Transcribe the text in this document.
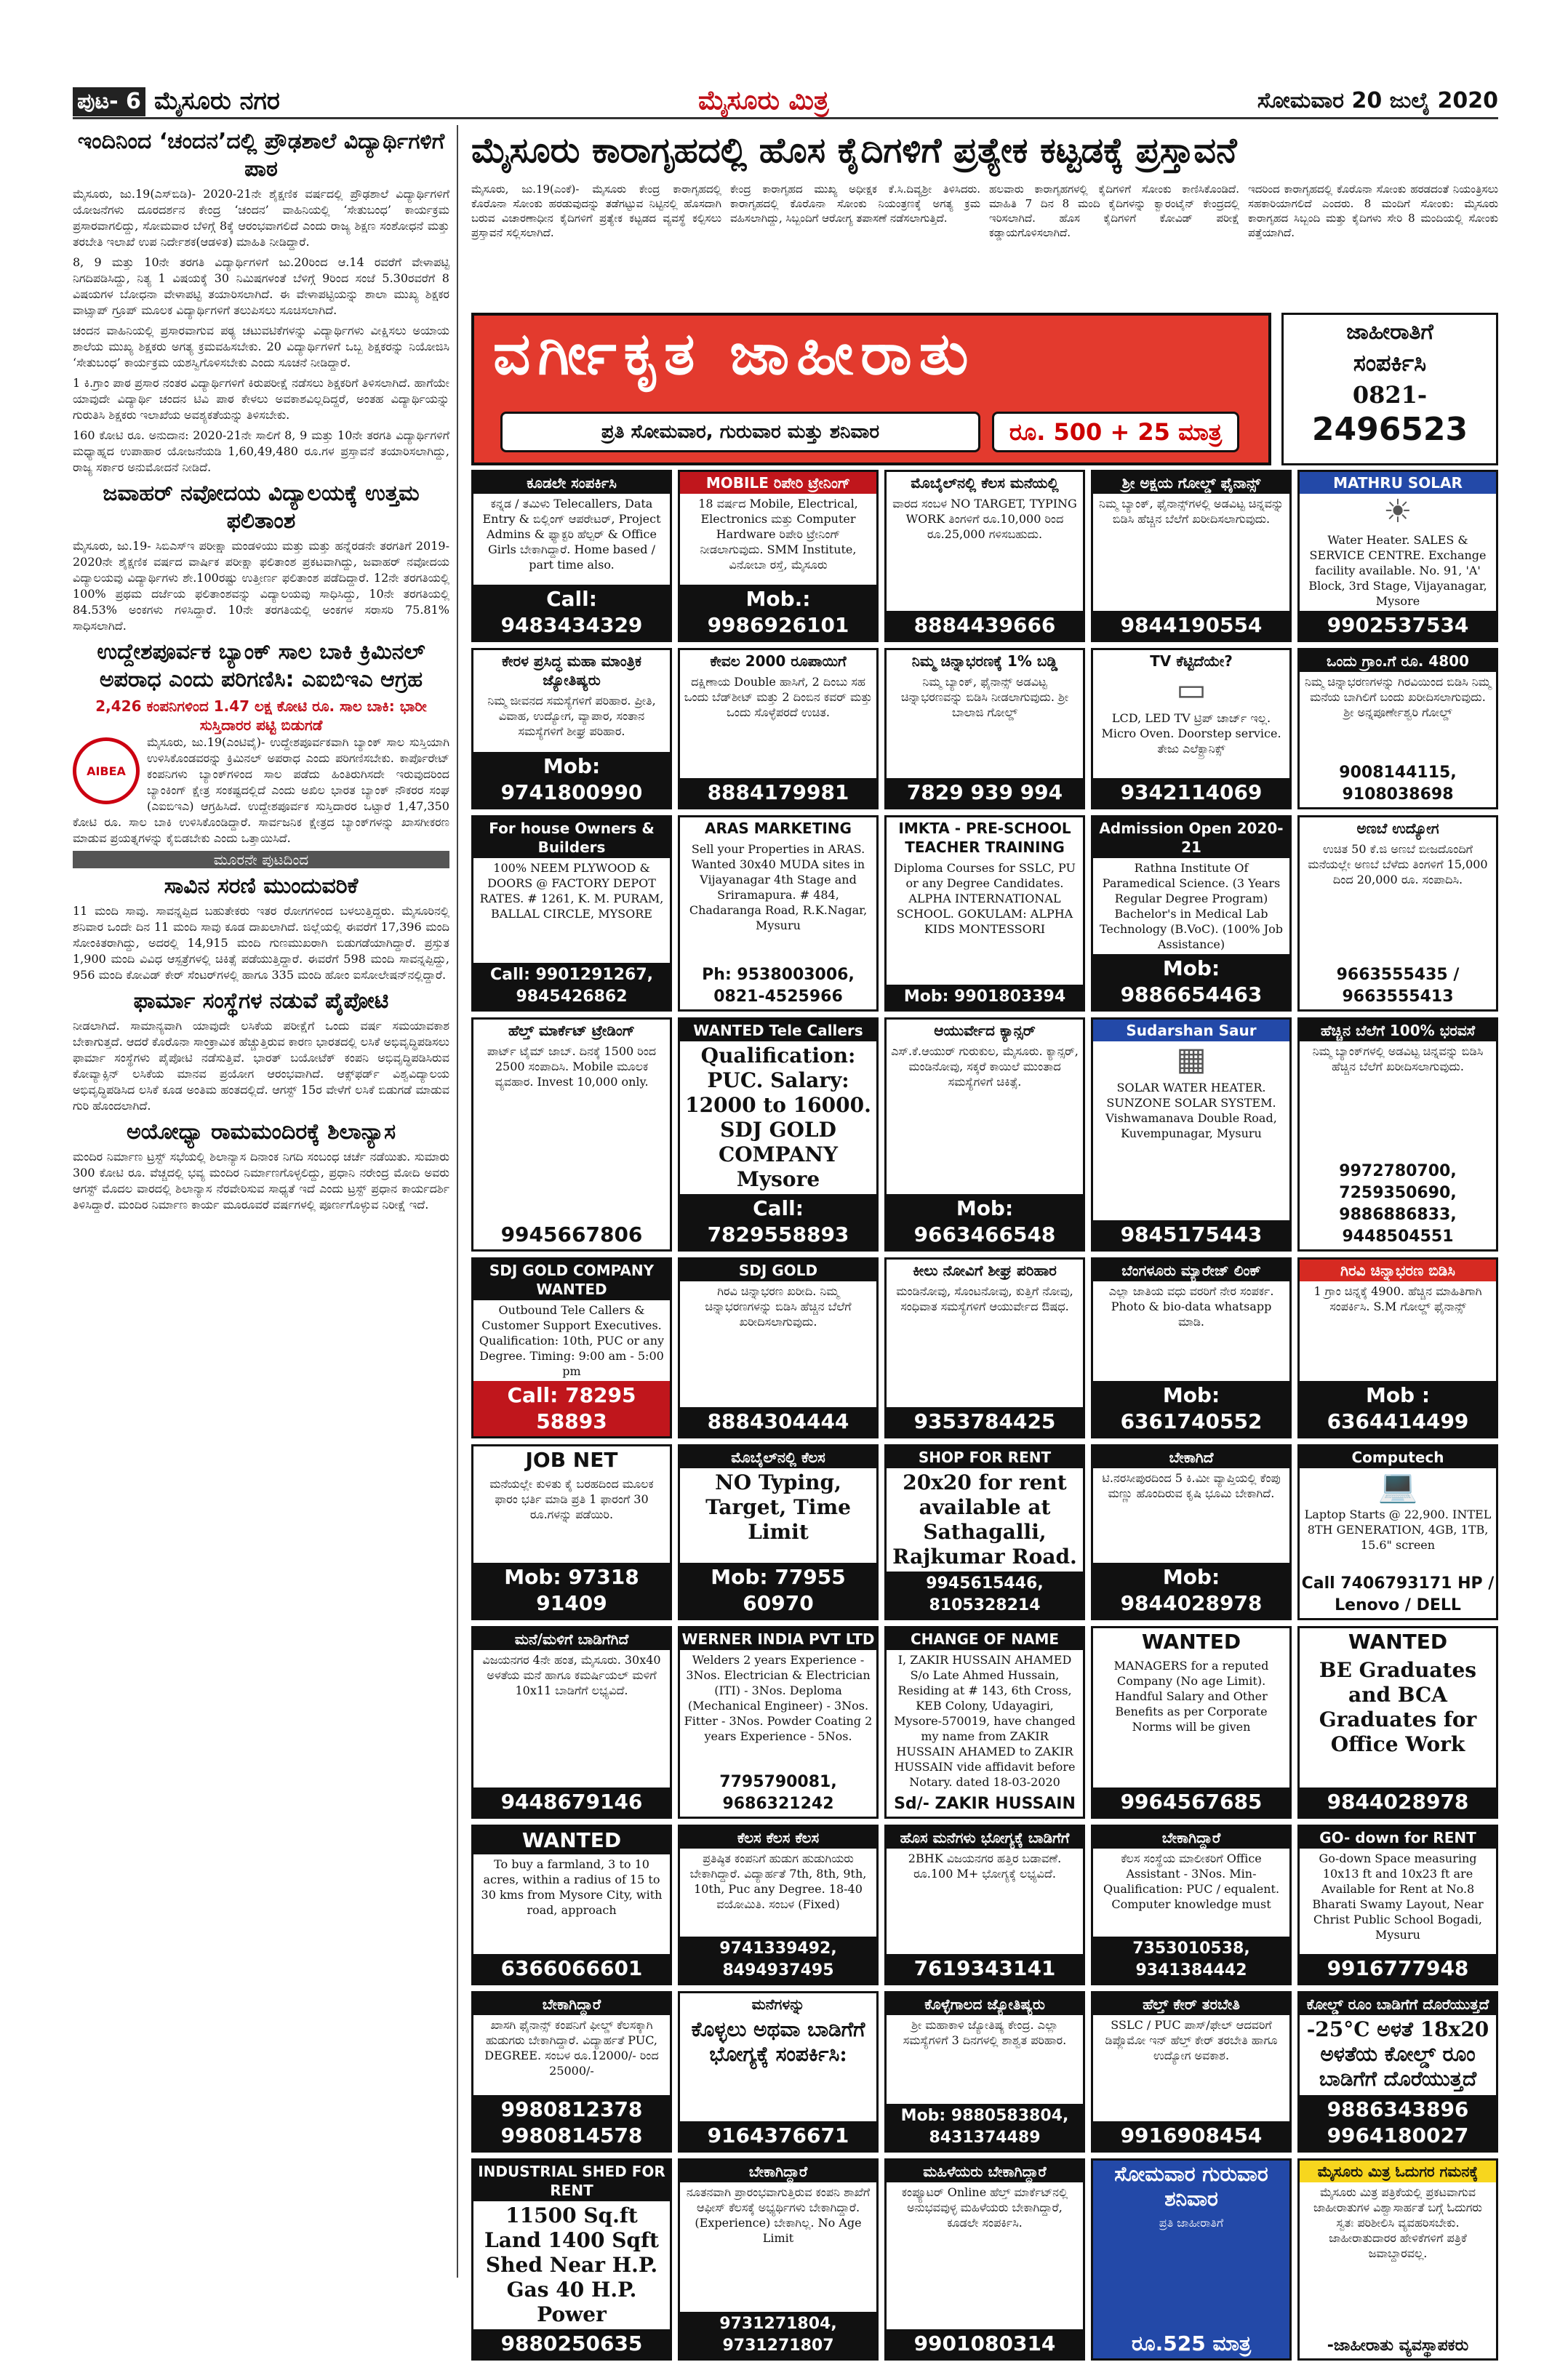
ಪುಟ- 6 ಮೈಸೂರು ನಗರ	ಮೈಸೂರು ಮಿತ್ರ	ಸೋಮವಾರ 20 ಜುಲೈ 2020
ಇಂದಿನಿಂದ ‘ಚಂದನ’ದಲ್ಲಿ ಪ್ರೌಢಶಾಲೆ ವಿದ್ಯಾರ್ಥಿಗಳಿಗೆ ಪಾಠ
ಮೈಸೂರು, ಜು.19(ಎಸ್‌ಬಿಡಿ)- 2020-21ನೇ ಶೈಕ್ಷಣಿಕ ವರ್ಷದಲ್ಲಿ ಪ್ರೌಢಶಾಲೆ ವಿದ್ಯಾರ್ಥಿಗಳಿಗೆ ಯೋಜನೆಗಳು ದೂರದರ್ಶನ ಕೇಂದ್ರ ‘ಚಂದನ’ ವಾಹಿನಿಯಲ್ಲಿ ‘ಸೇತುಬಂಧ’ ಕಾರ್ಯಕ್ರಮ ಪ್ರಸಾರವಾಗಲಿದ್ದು, ಸೋಮವಾರ ಬೆಳಿಗ್ಗೆ 8ಕ್ಕೆ ಆರಂಭವಾಗಲಿದೆ ಎಂದು ರಾಜ್ಯ ಶಿಕ್ಷಣ ಸಂಶೋಧನೆ ಮತ್ತು ತರಬೇತಿ ಇಲಾಖೆ ಉಪ ನಿರ್ದೇಶಕ(ಆಡಳಿತ) ಮಾಹಿತಿ ನೀಡಿದ್ದಾರೆ.
8, 9 ಮತ್ತು 10ನೇ ತರಗತಿ ವಿದ್ಯಾರ್ಥಿಗಳಿಗೆ ಜು.20ರಿಂದ ಆ.14 ರವರೆಗೆ ವೇಳಾಪಟ್ಟಿ ನಿಗದಿಪಡಿಸಿದ್ದು, ನಿತ್ಯ 1 ವಿಷಯಕ್ಕೆ 30 ನಿಮಿಷಗಳಂತೆ ಬೆಳಿಗ್ಗೆ 9ರಿಂದ ಸಂಜೆ 5.30ರವರೆಗೆ 8 ವಿಷಯಗಳ ಬೋಧನಾ ವೇಳಾಪಟ್ಟಿ ತಯಾರಿಸಲಾಗಿದೆ. ಈ ವೇಳಾಪಟ್ಟಿಯನ್ನು ಶಾಲಾ ಮುಖ್ಯ ಶಿಕ್ಷಕರ ವಾಟ್ಸಾಪ್ ಗ್ರೂಪ್ ಮೂಲಕ ವಿದ್ಯಾರ್ಥಿಗಳಿಗೆ ತಲುಪಿಸಲು ಸೂಚಿಸಲಾಗಿದೆ.
ಚಂದನ ವಾಹಿನಿಯಲ್ಲಿ ಪ್ರಸಾರವಾಗುವ ಪಠ್ಯ ಚಟುವಟಿಕೆಗಳನ್ನು ವಿದ್ಯಾರ್ಥಿಗಳು ವೀಕ್ಷಿಸಲು ಅಯಾಯ ಶಾಲೆಯ ಮುಖ್ಯ ಶಿಕ್ಷಕರು ಅಗತ್ಯ ಕ್ರಮವಹಿಸಬೇಕು. 20 ವಿದ್ಯಾರ್ಥಿಗಳಿಗೆ ಒಬ್ಬ ಶಿಕ್ಷಕರನ್ನು ನಿಯೋಜಿಸಿ ‘ಸೇತುಬಂಧ’ ಕಾರ್ಯಕ್ರಮ ಯಶಸ್ವಿಗೊಳಿಸಬೇಕು ಎಂದು ಸೂಚನೆ ನೀಡಿದ್ದಾರೆ.
1 ಕಿ.ಗ್ರಾಂ ಪಾಠ ಪ್ರಸಾರ ನಂತರ ವಿದ್ಯಾರ್ಥಿಗಳಿಗೆ ಕಿರುಪರೀಕ್ಷೆ ನಡೆಸಲು ಶಿಕ್ಷಕರಿಗೆ ತಿಳಿಸಲಾಗಿದೆ. ಹಾಗೆಯೇ ಯಾವುದೇ ವಿದ್ಯಾರ್ಥಿ ಚಂದನ ಟಿವಿ ಪಾಠ ಕೇಳಲು ಅವಕಾಶವಿಲ್ಲದಿದ್ದರೆ, ಅಂತಹ ವಿದ್ಯಾರ್ಥಿಯನ್ನು ಗುರುತಿಸಿ ಶಿಕ್ಷಕರು ಇಲಾಖೆಯ ಅವಶ್ಯಕತೆಯನ್ನು ತಿಳಿಸಬೇಕು.
160 ಕೋಟಿ ರೂ. ಅನುದಾನ: 2020-21ನೇ ಸಾಲಿಗೆ 8, 9 ಮತ್ತು 10ನೇ ತರಗತಿ ವಿದ್ಯಾರ್ಥಿಗಳಿಗೆ ಮಧ್ಯಾಹ್ನದ ಉಪಾಹಾರ ಯೋಜನೆಯಡಿ 1,60,49,480 ರೂ.ಗಳ ಪ್ರಸ್ತಾವನೆ ತಯಾರಿಸಲಾಗಿದ್ದು, ರಾಜ್ಯ ಸರ್ಕಾರ ಅನುಮೋದನೆ ನೀಡಿದೆ.
ಜವಾಹರ್ ನವೋದಯ ವಿದ್ಯಾಲಯಕ್ಕೆ ಉತ್ತಮ ಫಲಿತಾಂಶ
ಮೈಸೂರು, ಜು.19- ಸಿಬಿಎಸ್‌ಇ ಪರೀಕ್ಷಾ ಮಂಡಳಿಯು ಮತ್ತು ಮತ್ತು ಹನ್ನೆರಡನೇ ತರಗತಿಗೆ 2019-2020ನೇ ಶೈಕ್ಷಣಿಕ ವರ್ಷದ ವಾರ್ಷಿಕ ಪರೀಕ್ಷಾ ಫಲಿತಾಂಶ ಪ್ರಕಟವಾಗಿದ್ದು, ಜವಾಹರ್ ನವೋದಯ ವಿದ್ಯಾಲಯವು ವಿದ್ಯಾರ್ಥಿಗಳು ಶೇ.100ರಷ್ಟು ಉತ್ತೀರ್ಣ ಫಲಿತಾಂಶ ಪಡೆದಿದ್ದಾರೆ. 12ನೇ ತರಗತಿಯಲ್ಲಿ 100% ಪ್ರಥಮ ದರ್ಜೆಯ ಫಲಿತಾಂಶವನ್ನು ವಿದ್ಯಾಲಯವು ಸಾಧಿಸಿದ್ದು, 10ನೇ ತರಗತಿಯಲ್ಲಿ 84.53% ಅಂಕಗಳು ಗಳಿಸಿದ್ದಾರೆ. 10ನೇ ತರಗತಿಯಲ್ಲಿ ಅಂಕಗಳ ಸರಾಸರಿ 75.81% ಸಾಧಿಸಲಾಗಿದೆ.
ಉದ್ದೇಶಪೂರ್ವಕ ಬ್ಯಾಂಕ್ ಸಾಲ ಬಾಕಿ ಕ್ರಿಮಿನಲ್ ಅಪರಾಧ ಎಂದು ಪರಿಗಣಿಸಿ: ಎಐಬಿಇಎ ಆಗ್ರಹ
2,426 ಕಂಪನಿಗಳಿಂದ 1.47 ಲಕ್ಷ ಕೋಟಿ ರೂ. ಸಾಲ ಬಾಕಿ: ಭಾರೀ ಸುಸ್ತಿದಾರರ ಪಟ್ಟಿ ಬಿಡುಗಡೆ
AIBEA
ಮೈಸೂರು, ಜು.19(ಎಂಟಿವೈ)- ಉದ್ದೇಶಪೂರ್ವಕವಾಗಿ ಬ್ಯಾಂಕ್ ಸಾಲ ಸುಸ್ತಿಯಾಗಿ ಉಳಿಸಿಕೊಂಡವರನ್ನು ಕ್ರಿಮಿನಲ್ ಅಪರಾಧ ಎಂದು ಪರಿಗಣಿಸಬೇಕು. ಕಾರ್ಪೊರೇಟ್ ಕಂಪನಿಗಳು ಬ್ಯಾಂಕ್‌ಗಳಿಂದ ಸಾಲ ಪಡೆದು ಹಿಂತಿರುಗಿಸದೇ ಇರುವುದರಿಂದ ಬ್ಯಾಂಕಿಂಗ್ ಕ್ಷೇತ್ರ ಸಂಕಷ್ಟದಲ್ಲಿದೆ ಎಂದು ಅಖಿಲ ಭಾರತ ಬ್ಯಾಂಕ್ ನೌಕರರ ಸಂಘ (ಎಐಬಿಇಎ) ಆಗ್ರಹಿಸಿದೆ. ಉದ್ದೇಶಪೂರ್ವಕ ಸುಸ್ತಿದಾರರ ಒಟ್ಟಾರೆ 1,47,350 ಕೋಟಿ ರೂ. ಸಾಲ ಬಾಕಿ ಉಳಿಸಿಕೊಂಡಿದ್ದಾರೆ. ಸಾರ್ವಜನಿಕ ಕ್ಷೇತ್ರದ ಬ್ಯಾಂಕ್‌ಗಳನ್ನು ಖಾಸಗೀಕರಣ ಮಾಡುವ ಪ್ರಯತ್ನಗಳನ್ನು ಕೈಬಿಡಬೇಕು ಎಂದು ಒತ್ತಾಯಿಸಿದೆ.
ಮೂರನೇ ಪುಟದಿಂದ
ಸಾವಿನ ಸರಣಿ ಮುಂದುವರಿಕೆ
11 ಮಂದಿ ಸಾವು. ಸಾವನ್ನಪ್ಪಿದ ಬಹುತೇಕರು ಇತರ ರೋಗಗಳಿಂದ ಬಳಲುತ್ತಿದ್ದರು. ಮೈಸೂರಿನಲ್ಲಿ ಶನಿವಾರ ಒಂದೇ ದಿನ 11 ಮಂದಿ ಸಾವು ಕೂಡ ದಾಖಲಾಗಿದೆ. ಜಿಲ್ಲೆಯಲ್ಲಿ ಈವರೆಗೆ 17,396 ಮಂದಿ ಸೋಂಕಿತರಾಗಿದ್ದು, ಅದರಲ್ಲಿ 14,915 ಮಂದಿ ಗುಣಮುಖರಾಗಿ ಬಿಡುಗಡೆಯಾಗಿದ್ದಾರೆ. ಪ್ರಸ್ತುತ 1,900 ಮಂದಿ ವಿವಿಧ ಆಸ್ಪತ್ರೆಗಳಲ್ಲಿ ಚಿಕಿತ್ಸೆ ಪಡೆಯುತ್ತಿದ್ದಾರೆ. ಈವರೆಗೆ 598 ಮಂದಿ ಸಾವನ್ನಪ್ಪಿದ್ದು, 956 ಮಂದಿ ಕೋವಿಡ್ ಕೇರ್ ಸೆಂಟರ್‌ಗಳಲ್ಲಿ ಹಾಗೂ 335 ಮಂದಿ ಹೋಂ ಐಸೋಲೇಷನ್‌ನಲ್ಲಿದ್ದಾರೆ.
ಫಾರ್ಮಾ ಸಂಸ್ಥೆಗಳ ನಡುವೆ ಪೈಪೋಟಿ
ನೀಡಲಾಗಿದೆ. ಸಾಮಾನ್ಯವಾಗಿ ಯಾವುದೇ ಲಸಿಕೆಯ ಪರೀಕ್ಷೆಗೆ ಒಂದು ವರ್ಷ ಸಮಯಾವಕಾಶ ಬೇಕಾಗುತ್ತದೆ. ಆದರೆ ಕೊರೊನಾ ಸಾಂಕ್ರಾಮಿಕ ಹೆಚ್ಚುತ್ತಿರುವ ಕಾರಣ ಭಾರತದಲ್ಲಿ ಲಸಿಕೆ ಅಭಿವೃದ್ಧಿಪಡಿಸಲು ಫಾರ್ಮಾ ಸಂಸ್ಥೆಗಳು ಪೈಪೋಟಿ ನಡೆಸುತ್ತಿವೆ. ಭಾರತ್ ಬಯೋಟೆಕ್ ಕಂಪನಿ ಅಭಿವೃದ್ಧಿಪಡಿಸಿರುವ ಕೋವ್ಯಾಕ್ಸಿನ್ ಲಸಿಕೆಯ ಮಾನವ ಪ್ರಯೋಗ ಆರಂಭವಾಗಿದೆ. ಆಕ್ಸ್‌ಫರ್ಡ್ ವಿಶ್ವವಿದ್ಯಾಲಯ ಅಭಿವೃದ್ಧಿಪಡಿಸಿದ ಲಸಿಕೆ ಕೂಡ ಅಂತಿಮ ಹಂತದಲ್ಲಿದೆ. ಆಗಸ್ಟ್ 15ರ ವೇಳೆಗೆ ಲಸಿಕೆ ಬಿಡುಗಡೆ ಮಾಡುವ ಗುರಿ ಹೊಂದಲಾಗಿದೆ.
ಅಯೋಧ್ಯಾ ರಾಮಮಂದಿರಕ್ಕೆ ಶಿಲಾನ್ಯಾಸ
ಮಂದಿರ ನಿರ್ಮಾಣ ಟ್ರಸ್ಟ್ ಸಭೆಯಲ್ಲಿ ಶಿಲಾನ್ಯಾಸ ದಿನಾಂಕ ನಿಗದಿ ಸಂಬಂಧ ಚರ್ಚೆ ನಡೆಯಿತು. ಸುಮಾರು 300 ಕೋಟಿ ರೂ. ವೆಚ್ಚದಲ್ಲಿ ಭವ್ಯ ಮಂದಿರ ನಿರ್ಮಾಣಗೊಳ್ಳಲಿದ್ದು, ಪ್ರಧಾನಿ ನರೇಂದ್ರ ಮೋದಿ ಅವರು ಆಗಸ್ಟ್ ಮೊದಲ ವಾರದಲ್ಲಿ ಶಿಲಾನ್ಯಾಸ ನೆರವೇರಿಸುವ ಸಾಧ್ಯತೆ ಇದೆ ಎಂದು ಟ್ರಸ್ಟ್ ಪ್ರಧಾನ ಕಾರ್ಯದರ್ಶಿ ತಿಳಿಸಿದ್ದಾರೆ. ಮಂದಿರ ನಿರ್ಮಾಣ ಕಾರ್ಯ ಮೂರೂವರೆ ವರ್ಷಗಳಲ್ಲಿ ಪೂರ್ಣಗೊಳ್ಳುವ ನಿರೀಕ್ಷೆ ಇದೆ.
ಮೈಸೂರು ಕಾರಾಗೃಹದಲ್ಲಿ ಹೊಸ ಕೈದಿಗಳಿಗೆ ಪ್ರತ್ಯೇಕ ಕಟ್ಟಡಕ್ಕೆ ಪ್ರಸ್ತಾವನೆ
ಮೈಸೂರು, ಜು.19(ಎಂಕೆ)- ಮೈಸೂರು ಕೇಂದ್ರ ಕಾರಾಗೃಹದಲ್ಲಿ ಕೊರೊನಾ ಸೋಂಕು ಹರಡುವುದನ್ನು ತಡೆಗಟ್ಟುವ ನಿಟ್ಟಿನಲ್ಲಿ ಹೊಸದಾಗಿ ಬರುವ ವಿಚಾರಣಾಧೀನ ಕೈದಿಗಳಿಗೆ ಪ್ರತ್ಯೇಕ ಕಟ್ಟಡದ ವ್ಯವಸ್ಥೆ ಕಲ್ಪಿಸಲು ಪ್ರಸ್ತಾವನೆ ಸಲ್ಲಿಸಲಾಗಿದೆ.
ಕೇಂದ್ರ ಕಾರಾಗೃಹದ ಮುಖ್ಯ ಅಧೀಕ್ಷಕ ಕೆ.ಸಿ.ದಿವ್ಯಶ್ರೀ ತಿಳಿಸಿದರು. ಕಾರಾಗೃಹದಲ್ಲಿ ಕೊರೊನಾ ಸೋಂಕು ನಿಯಂತ್ರಣಕ್ಕೆ ಅಗತ್ಯ ಕ್ರಮ ವಹಿಸಲಾಗಿದ್ದು, ಸಿಬ್ಬಂದಿಗೆ ಆರೋಗ್ಯ ತಪಾಸಣೆ ನಡೆಸಲಾಗುತ್ತಿದೆ.
ಹಲವಾರು ಕಾರಾಗೃಹಗಳಲ್ಲಿ ಕೈದಿಗಳಿಗೆ ಸೋಂಕು ಕಾಣಿಸಿಕೊಂಡಿದೆ. ಮಾಹಿತಿ 7 ದಿನ 8 ಮಂದಿ ಕೈದಿಗಳನ್ನು ಕ್ವಾರಂಟೈನ್ ಕೇಂದ್ರದಲ್ಲಿ ಇರಿಸಲಾಗಿದೆ. ಹೊಸ ಕೈದಿಗಳಿಗೆ ಕೋವಿಡ್ ಪರೀಕ್ಷೆ ಕಡ್ಡಾಯಗೊಳಿಸಲಾಗಿದೆ.
ಇದರಿಂದ ಕಾರಾಗೃಹದಲ್ಲಿ ಕೊರೊನಾ ಸೋಂಕು ಹರಡದಂತೆ ನಿಯಂತ್ರಿಸಲು ಸಹಕಾರಿಯಾಗಲಿದೆ ಎಂದರು. 8 ಮಂದಿಗೆ ಸೋಂಕು: ಮೈಸೂರು ಕಾರಾಗೃಹದ ಸಿಬ್ಬಂದಿ ಮತ್ತು ಕೈದಿಗಳು ಸೇರಿ 8 ಮಂದಿಯಲ್ಲಿ ಸೋಂಕು ಪತ್ತೆಯಾಗಿದೆ.
ವರ್ಗೀಕೃತ ಜಾಹೀರಾತು
ಪ್ರತಿ ಸೋಮವಾರ, ಗುರುವಾರ ಮತ್ತು ಶನಿವಾರ	ರೂ. 500 + 25 ಮಾತ್ರ
ಜಾಹೀರಾತಿಗೆ
ಸಂಪರ್ಕಿಸಿ
0821-
2496523
ಕೂಡಲೇ ಸಂಪರ್ಕಿಸಿ
ಕನ್ನಡ / ತಮಿಳು Telecallers, Data Entry & ಬಿಲ್ಲಿಂಗ್ ಆಪರೇಟರ್, Project Admins & ಫ್ಯಾಕ್ಟರಿ ಹೆಲ್ಪರ್ & Office Girls ಬೇಕಾಗಿದ್ದಾರೆ. Home based / part time also.
Call: 9483434329
MOBILE ರಿಪೇರಿ ಟ್ರೇನಿಂಗ್
18 ವರ್ಷದ Mobile, Electrical, Electronics ಮತ್ತು Computer Hardware ರಿಪೇರಿ ಟ್ರೇನಿಂಗ್ ನೀಡಲಾಗುವುದು. SMM Institute, ವಿನೋಬಾ ರಸ್ತೆ, ಮೈಸೂರು
Mob.: 9986926101
ಮೊಬೈಲ್‌ನಲ್ಲಿ ಕೆಲಸ ಮನೆಯಲ್ಲಿ
ವಾರದ ಸಂಬಳ NO TARGET, TYPING WORK ತಿಂಗಳಿಗೆ ರೂ.10,000 ರಿಂದ ರೂ.25,000 ಗಳಿಸಬಹುದು.
8884439666
ಶ್ರೀ ಅಕ್ಷಯ ಗೋಲ್ಡ್ ಫೈನಾನ್ಸ್
ನಿಮ್ಮ ಬ್ಯಾಂಕ್, ಫೈನಾನ್ಸ್‌ಗಳಲ್ಲಿ ಅಡವಿಟ್ಟ ಚಿನ್ನವನ್ನು ಬಿಡಿಸಿ ಹೆಚ್ಚಿನ ಬೆಲೆಗೆ ಖರೀದಿಸಲಾಗುವುದು.
9844190554
MATHRU SOLAR
☀
Water Heater. SALES & SERVICE CENTRE. Exchange facility available. No. 91, 'A' Block, 3rd Stage, Vijayanagar, Mysore
9902537534
ಕೇರಳ ಪ್ರಸಿದ್ಧ ಮಹಾ ಮಾಂತ್ರಿಕ ಜ್ಯೋತಿಷ್ಯರು
ನಿಮ್ಮ ಜೀವನದ ಸಮಸ್ಯೆಗಳಿಗೆ ಪರಿಹಾರ. ಪ್ರೀತಿ, ವಿವಾಹ, ಉದ್ಯೋಗ, ವ್ಯಾಪಾರ, ಸಂತಾನ ಸಮಸ್ಯೆಗಳಿಗೆ ಶೀಘ್ರ ಪರಿಹಾರ.
Mob: 9741800990
ಕೇವಲ 2000 ರೂಪಾಯಿಗೆ
ದಕ್ಷಿಣಾಯ Double ಹಾಸಿಗೆ, 2 ದಿಂಬು ಸಹ ಒಂದು ಬೆಡ್‌ಶೀಟ್ ಮತ್ತು 2 ದಿಂಬಿನ ಕವರ್ ಮತ್ತು ಒಂದು ಸೊಳ್ಳೆಪರದೆ ಉಚಿತ.
8884179981
ನಿಮ್ಮ ಚಿನ್ನಾಭರಣಕ್ಕೆ 1% ಬಡ್ಡಿ
ನಿಮ್ಮ ಬ್ಯಾಂಕ್, ಫೈನಾನ್ಸ್ ಅಡವಿಟ್ಟ ಚಿನ್ನಾಭರಣವನ್ನು ಬಿಡಿಸಿ ನೀಡಲಾಗುವುದು. ಶ್ರೀ ಬಾಲಾಜಿ ಗೋಲ್ಡ್
7829 939 994
TV ಕೆಟ್ಟಿದೆಯೇ?
▭
LCD, LED TV ಟ್ರಿಪ್ ಚಾರ್ಜ್ ಇಲ್ಲ. Micro Oven. Doorstep service. ತೇಜು ಎಲೆಕ್ಟ್ರಾನಿಕ್ಸ್
9342114069
ಒಂದು ಗ್ರಾಂ.ಗೆ ರೂ. 4800
ನಿಮ್ಮ ಚಿನ್ನಾಭರಣಗಳನ್ನು ಗಿರವಿಯಿಂದ ಬಿಡಿಸಿ ನಿಮ್ಮ ಮನೆಯ ಬಾಗಿಲಿಗೆ ಬಂದು ಖರೀದಿಸಲಾಗುವುದು. ಶ್ರೀ ಅನ್ನಪೂರ್ಣೇಶ್ವರಿ ಗೋಲ್ಡ್
9008144115, 9108038698
For house Owners & Builders
100% NEEM PLYWOOD & DOORS @ FACTORY DEPOT RATES. # 1261, K. M. PURAM, BALLAL CIRCLE, MYSORE
Call: 9901291267, 9845426862
ARAS MARKETING
Sell your Properties in ARAS. Wanted 30x40 MUDA sites in Vijayanagar 4th Stage and Sriramapura. # 484, Chadaranga Road, R.K.Nagar, Mysuru
Ph: 9538003006, 0821-4525966
IMKTA - PRE-SCHOOL TEACHER TRAINING
Diploma Courses for SSLC, PU or any Degree Candidates. ALPHA INTERNATIONAL SCHOOL. GOKULAM: ALPHA KIDS MONTESSORI
Mob: 9901803394
Admission Open 2020-21
Rathna Institute Of Paramedical Science. (3 Years Regular Degree Program) Bachelor's in Medical Lab Technology (B.VoC). (100% Job Assistance)
Mob: 9886654463
ಅಣಬೆ ಉದ್ಯೋಗ
ಉಚಿತ 50 ಕೆ.ಜಿ ಅಣಬೆ ಬೀಜದೊಂದಿಗೆ ಮನೆಯಲ್ಲೇ ಅಣಬೆ ಬೆಳೆದು ತಿಂಗಳಿಗೆ 15,000 ದಿಂದ 20,000 ರೂ. ಸಂಪಾದಿಸಿ.
9663555435 / 9663555413
ಹೆಲ್ತ್ ಮಾರ್ಕೆಟ್ ಟ್ರೇಡಿಂಗ್
ಪಾರ್ಟ್ ಟೈಮ್ ಜಾಬ್. ದಿನಕ್ಕೆ 1500 ರಿಂದ 2500 ಸಂಪಾದಿಸಿ. Mobile ಮೂಲಕ ವ್ಯವಹಾರ. Invest 10,000 only.
9945667806
WANTED Tele Callers
Qualification: PUC. Salary: 12000 to 16000. SDJ GOLD COMPANY Mysore
Call: 7829558893
ಆಯುರ್ವೇದ ಕ್ಯಾನ್ಸರ್
ಎಸ್.ಕೆ.ಆಯುರ್ ಗುರುಕುಲ, ಮೈಸೂರು. ಕ್ಯಾನ್ಸರ್, ಮಂಡಿನೋವು, ಸಕ್ಕರೆ ಕಾಯಿಲೆ ಮುಂತಾದ ಸಮಸ್ಯೆಗಳಿಗೆ ಚಿಕಿತ್ಸೆ.
Mob: 9663466548
Sudarshan Saur
▦
SOLAR WATER HEATER. SUNZONE SOLAR SYSTEM. Vishwamanava Double Road, Kuvempunagar, Mysuru
9845175443
ಹೆಚ್ಚಿನ ಬೆಲೆಗೆ 100% ಭರವಸೆ
ನಿಮ್ಮ ಬ್ಯಾಂಕ್‌ಗಳಲ್ಲಿ ಅಡವಿಟ್ಟ ಚಿನ್ನವನ್ನು ಬಿಡಿಸಿ ಹೆಚ್ಚಿನ ಬೆಲೆಗೆ ಖರೀದಿಸಲಾಗುವುದು.
9972780700, 7259350690, 9886886833, 9448504551
SDJ GOLD COMPANY WANTED
Outbound Tele Callers & Customer Support Executives. Qualification: 10th, PUC or any Degree. Timing: 9:00 am - 5:00 pm
Call: 78295 58893
SDJ GOLD
ಗಿರವಿ ಚಿನ್ನಾಭರಣ ಖರೀದಿ. ನಿಮ್ಮ ಚಿನ್ನಾಭರಣಗಳನ್ನು ಬಿಡಿಸಿ ಹೆಚ್ಚಿನ ಬೆಲೆಗೆ ಖರೀದಿಸಲಾಗುವುದು.
8884304444
ಕೀಲು ನೋವಿಗೆ ಶೀಘ್ರ ಪರಿಹಾರ
ಮಂಡಿನೋವು, ಸೊಂಟನೋವು, ಕುತ್ತಿಗೆ ನೋವು, ಸಂಧಿವಾತ ಸಮಸ್ಯೆಗಳಿಗೆ ಆಯುರ್ವೇದ ಔಷಧ.
9353784425
ಬೆಂಗಳೂರು ಮ್ಯಾರೇಜ್ ಲಿಂಕ್
ಎಲ್ಲಾ ಜಾತಿಯ ವಧು ವರರಿಗೆ ನೇರ ಸಂಪರ್ಕ. Photo & bio-data whatsapp ಮಾಡಿ.
Mob: 6361740552
ಗಿರವಿ ಚಿನ್ನಾಭರಣ ಬಿಡಿಸಿ
1 ಗ್ರಾಂ ಚಿನ್ನಕ್ಕೆ 4900. ಹೆಚ್ಚಿನ ಮಾಹಿತಿಗಾಗಿ ಸಂಪರ್ಕಿಸಿ. S.M ಗೋಲ್ಡ್ ಫೈನಾನ್ಸ್
Mob : 6364414499
JOB NET
ಮನೆಯಲ್ಲೇ ಕುಳಿತು ಕೈ ಬರಹದಿಂದ ಮೂಲಕ ಫಾರಂ ಭರ್ತಿ ಮಾಡಿ ಪ್ರತಿ 1 ಫಾರಂಗೆ 30 ರೂ.ಗಳನ್ನು ಪಡೆಯಿರಿ.
Mob: 97318 91409
ಮೊಬೈಲ್‌ನಲ್ಲಿ ಕೆಲಸ
NO Typing, Target, Time Limit
Mob: 77955 60970
SHOP FOR RENT
20x20 for rent available at Sathagalli, Rajkumar Road.
9945615446, 8105328214
ಬೇಕಾಗಿದೆ
ಟಿ.ನರಸೀಪುರದಿಂದ 5 ಕಿ.ಮೀ ವ್ಯಾಪ್ತಿಯಲ್ಲಿ ಕೆಂಪು ಮಣ್ಣು ಹೊಂದಿರುವ ಕೃಷಿ ಭೂಮಿ ಬೇಕಾಗಿದೆ.
Mob: 9844028978
Computech
💻
Laptop Starts @ 22,900. INTEL 8TH GENERATION, 4GB, 1TB, 15.6" screen
Call 7406793171 HP / Lenovo / DELL
ಮನೆ/ಮಳಿಗೆ ಬಾಡಿಗೆಗಿದೆ
ವಿಜಯನಗರ 4ನೇ ಹಂತ, ಮೈಸೂರು. 30x40 ಅಳತೆಯ ಮನೆ ಹಾಗೂ ಕಮರ್ಷಿಯಲ್ ಮಳಿಗೆ 10x11 ಬಾಡಿಗೆಗೆ ಲಭ್ಯವಿದೆ.
9448679146
WERNER INDIA PVT LTD
Welders 2 years Experience - 3Nos. Electrician & Electrician (ITI) - 3Nos. Deploma (Mechanical Engineer) - 3Nos. Fitter - 3Nos. Powder Coating 2 years Experience - 5Nos.
7795790081, 9686321242
CHANGE OF NAME
I, ZAKIR HUSSAIN AHAMED S/o Late Ahmed Hussain, Residing at # 143, 6th Cross, KEB Colony, Udayagiri, Mysore-570019, have changed my name from ZAKIR HUSSAIN AHAMED to ZAKIR HUSSAIN vide affidavit before Notary. dated 18-03-2020
Sd/- ZAKIR HUSSAIN
WANTED
MANAGERS for a reputed Company (No age Limit). Handful Salary and Other Benefits as per Corporate Norms will be given
9964567685
WANTED
BE Graduates and BCA Graduates for Office Work
9844028978
WANTED
To buy a farmland, 3 to 10 acres, within a radius of 15 to 30 kms from Mysore City, with road, approach
6366066601
ಕೆಲಸ ಕೆಲಸ ಕೆಲಸ
ಪ್ರತಿಷ್ಠಿತ ಕಂಪನಿಗೆ ಹುಡುಗ ಹುಡುಗಿಯರು ಬೇಕಾಗಿದ್ದಾರೆ. ವಿದ್ಯಾರ್ಹತೆ 7th, 8th, 9th, 10th, Puc any Degree. 18-40 ವಯೋಮಿತಿ. ಸಂಬಳ (Fixed)
9741339492, 8494937495
ಹೊಸ ಮನೆಗಳು ಭೋಗ್ಯಕ್ಕೆ ಬಾಡಿಗೆಗೆ
2BHK ವಿಜಯನಗರ ಹತ್ತಿರ ಬಡಾವಣೆ. ರೂ.100 M+ ಭೋಗ್ಯಕ್ಕೆ ಲಭ್ಯವಿದೆ.
7619343141
ಬೇಕಾಗಿದ್ದಾರೆ
ಕೆಲಸ ಸಂಸ್ಥೆಯ ಮಾಲೀಕರಿಗೆ Office Assistant - 3Nos. Min-Qualification: PUC / equalent. Computer knowledge must
7353010538, 9341384442
GO- down for RENT
Go-down Space measuring 10x13 ft and 10x23 ft are Available for Rent at No.8 Bharati Swamy Layout, Near Christ Public School Bogadi, Mysuru
9916777948
ಬೇಕಾಗಿದ್ದಾರೆ
ಖಾಸಗಿ ಫೈನಾನ್ಸ್ ಕಂಪನಿಗೆ ಫೀಲ್ಡ್ ಕೆಲಸಕ್ಕಾಗಿ ಹುಡುಗರು ಬೇಕಾಗಿದ್ದಾರೆ. ವಿದ್ಯಾರ್ಹತೆ PUC, DEGREE. ಸಂಬಳ ರೂ.12000/- ರಿಂದ 25000/-
9980812378 9980814578
ಮನೆಗಳನ್ನು
ಕೊಳ್ಳಲು ಅಥವಾ ಬಾಡಿಗೆಗೆ ಭೋಗ್ಯಕ್ಕೆ ಸಂಪರ್ಕಿಸಿ:
9164376671
ಕೊಳ್ಳೆಗಾಲದ ಜ್ಯೋತಿಷ್ಯರು
ಶ್ರೀ ಮಹಾಕಾಳಿ ಜ್ಯೋತಿಷ್ಯ ಕೇಂದ್ರ. ಎಲ್ಲಾ ಸಮಸ್ಯೆಗಳಿಗೆ 3 ದಿನಗಳಲ್ಲಿ ಶಾಶ್ವತ ಪರಿಹಾರ.
Mob: 9880583804, 8431374489
ಹೆಲ್ತ್ ಕೇರ್ ತರಬೇತಿ
SSLC / PUC ಪಾಸ್/ಫೇಲ್ ಆದವರಿಗೆ ಡಿಪ್ಲೊಮೋ ಇನ್ ಹೆಲ್ತ್ ಕೇರ್ ತರಬೇತಿ ಹಾಗೂ ಉದ್ಯೋಗ ಅವಕಾಶ.
9916908454
ಕೋಲ್ಡ್ ರೂಂ ಬಾಡಿಗೆಗೆ ದೊರೆಯುತ್ತದೆ
-25°C ಅಳತೆ 18x20 ಅಳತೆಯ ಕೋಲ್ಡ್ ರೂಂ ಬಾಡಿಗೆಗೆ ದೊರೆಯುತ್ತದೆ
9886343896 9964180027
INDUSTRIAL SHED FOR RENT
11500 Sq.ft Land 1400 Sqft Shed Near H.P. Gas 40 H.P. Power
9880250635
ಬೇಕಾಗಿದ್ದಾರೆ
ನೂತನವಾಗಿ ಪ್ರಾರಂಭವಾಗುತ್ತಿರುವ ಕಂಪನಿ ಶಾಖೆಗೆ ಆಫೀಸ್ ಕೆಲಸಕ್ಕೆ ಅಭ್ಯರ್ಥಿಗಳು ಬೇಕಾಗಿದ್ದಾರೆ. (Experience) ಬೇಕಾಗಿಲ್ಲ. No Age Limit
9731271804, 9731271807
ಮಹಿಳೆಯರು ಬೇಕಾಗಿದ್ದಾರೆ
ಕಂಪ್ಯೂಟರ್ Online ಹೆಲ್ತ್ ಮಾರ್ಕೆಟ್‌ನಲ್ಲಿ ಅನುಭವವುಳ್ಳ ಮಹಿಳೆಯರು ಬೇಕಾಗಿದ್ದಾರೆ, ಕೂಡಲೇ ಸಂಪರ್ಕಿಸಿ.
9901080314
ಸೋಮವಾರ ಗುರುವಾರ ಶನಿವಾರ
ಪ್ರತಿ ಜಾಹೀರಾತಿಗೆ
ರೂ.525 ಮಾತ್ರ
ಮೈಸೂರು ಮಿತ್ರ ಓದುಗರ ಗಮನಕ್ಕೆ
ಮೈಸೂರು ಮಿತ್ರ ಪತ್ರಿಕೆಯಲ್ಲಿ ಪ್ರಕಟವಾಗುವ ಜಾಹೀರಾತುಗಳ ವಿಶ್ವಾಸಾರ್ಹತೆ ಬಗ್ಗೆ ಓದುಗರು ಸ್ವತಃ ಪರಿಶೀಲಿಸಿ ವ್ಯವಹರಿಸಬೇಕು. ಜಾಹೀರಾತುದಾರರ ಹೇಳಿಕೆಗಳಿಗೆ ಪತ್ರಿಕೆ ಜವಾಬ್ದಾರವಲ್ಲ.
-ಜಾಹೀರಾತು ವ್ಯವಸ್ಥಾಪಕರು
